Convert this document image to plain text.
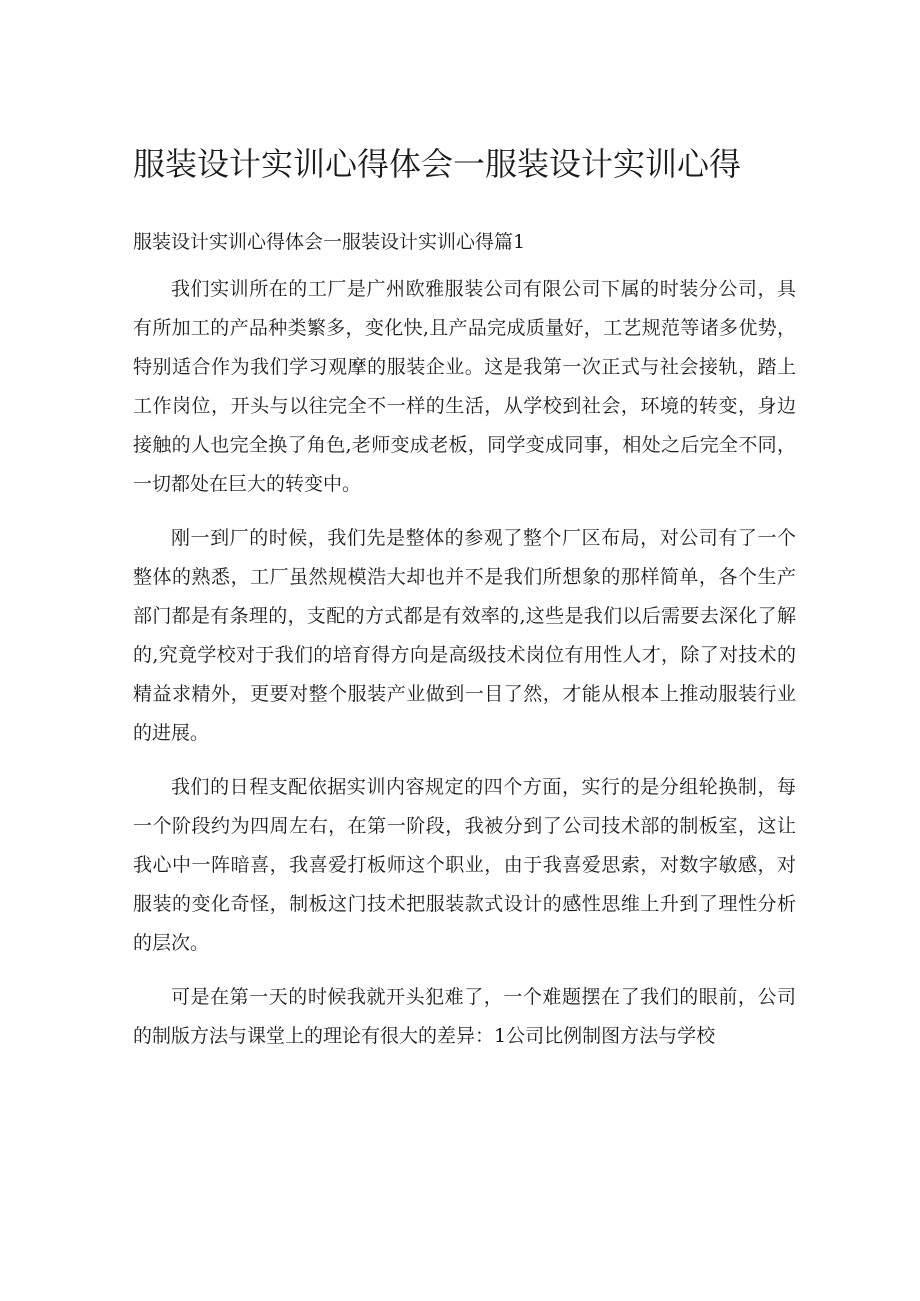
服装设计实训心得体会一服装设计实训心得
服装设计实训心得体会一服装设计实训心得篇1

我们实训所在的工厂是广州欧雅服装公司有限公司下属的时装分公司，具有所加工的产品种类繁多，变化快,且产品完成质量好，工艺规范等诸多优势，特别适合作为我们学习观摩的服装企业。这是我第一次正式与社会接轨，踏上工作岗位，开头与以往完全不一样的生活，从学校到社会，环境的转变，身边接触的人也完全换了角色,老师变成老板，同学变成同事，相处之后完全不同，一切都处在巨大的转变中。

刚一到厂的时候，我们先是整体的参观了整个厂区布局，对公司有了一个整体的熟悉，工厂虽然规模浩大却也并不是我们所想象的那样简单，各个生产部门都是有条理的，支配的方式都是有效率的,这些是我们以后需要去深化了解的,究竟学校对于我们的培育得方向是高级技术岗位有用性人才，除了对技术的精益求精外，更要对整个服装产业做到一目了然，才能从根本上推动服装行业的进展。

我们的日程支配依据实训内容规定的四个方面，实行的是分组轮换制，每一个阶段约为四周左右，在第一阶段，我被分到了公司技术部的制板室，这让我心中一阵暗喜，我喜爱打板师这个职业，由于我喜爱思索，对数字敏感，对服装的变化奇怪，制板这门技术把服装款式设计的感性思维上升到了理性分析的层次。

可是在第一天的时候我就开头犯难了，一个难题摆在了我们的眼前，公司的制版方法与课堂上的理论有很大的差异：1公司比例制图方法与学校
